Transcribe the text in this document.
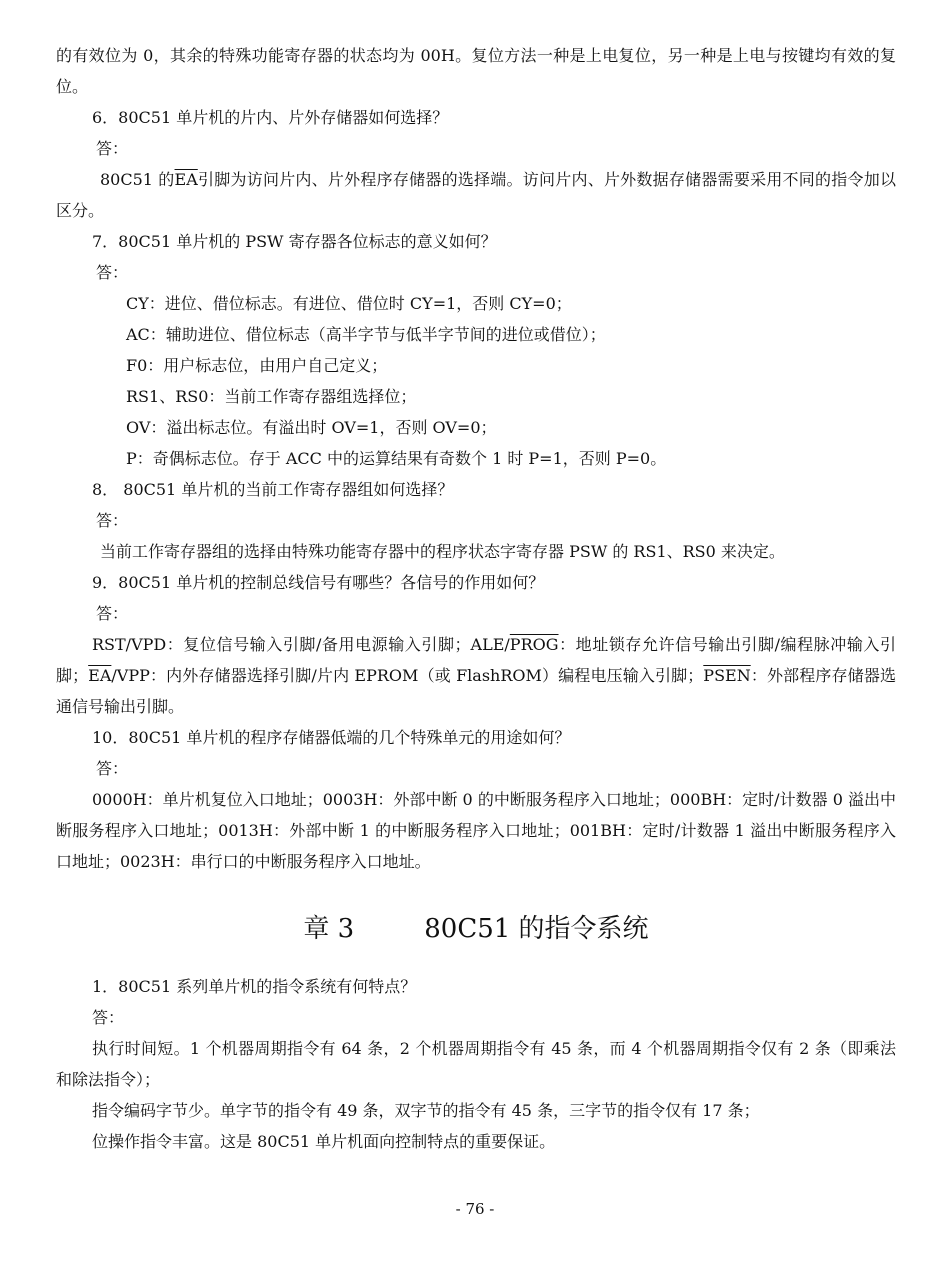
的有效位为 0，其余的特殊功能寄存器的状态均为 00H。复位方法一种是上电复位，另一种是上电与按键均有效的复位。
6．80C51 单片机的片内、片外存储器如何选择？
答：
80C51 的$\overline{EA}$引脚为访问片内、片外程序存储器的选择端。访问片内、片外数据存储器需要采用不同的指令加以区分。
7．80C51 单片机的 PSW 寄存器各位标志的意义如何？
答：
CY：进位、借位标志。有进位、借位时 CY=1，否则 CY=0；
AC：辅助进位、借位标志（高半字节与低半字节间的进位或借位）；
F0：用户标志位，由用户自己定义；
RS1、RS0：当前工作寄存器组选择位；
OV：溢出标志位。有溢出时 OV=1，否则 OV=0；
P：奇偶标志位。存于 ACC 中的运算结果有奇数个 1 时 P=1，否则 P=0。
8． 80C51 单片机的当前工作寄存器组如何选择？
答：
当前工作寄存器组的选择由特殊功能寄存器中的程序状态字寄存器 PSW 的 RS1、RS0 来决定。
9．80C51 单片机的控制总线信号有哪些？各信号的作用如何？
答：
RST/VPD：复位信号输入引脚/备用电源输入引脚；ALE/PROG：地址锁存允许信号输出引脚/编程脉冲输入引脚；$\overline{EA}$/VPP：内外存储器选择引脚/片内 EPROM（或 FlashROM）编程电压输入引脚；PSEN：外部程序存储器选通信号输出引脚。
10．80C51 单片机的程序存储器低端的几个特殊单元的用途如何？
答：
0000H：单片机复位入口地址；0003H：外部中断 0 的中断服务程序入口地址；000BH：定时/计数器 0 溢出中断服务程序入口地址；0013H：外部中断 1 的中断服务程序入口地址；001BH：定时/计数器 1 溢出中断服务程序入口地址；0023H：串行口的中断服务程序入口地址。
章 3	80C51 的指令系统
1．80C51 系列单片机的指令系统有何特点？
答：
执行时间短。1 个机器周期指令有 64 条，2 个机器周期指令有 45 条，而 4 个机器周期指令仅有 2 条（即乘法和除法指令）；
指令编码字节少。单字节的指令有 49 条，双字节的指令有 45 条，三字节的指令仅有 17 条；
位操作指令丰富。这是 80C51 单片机面向控制特点的重要保证。
- 76 -
